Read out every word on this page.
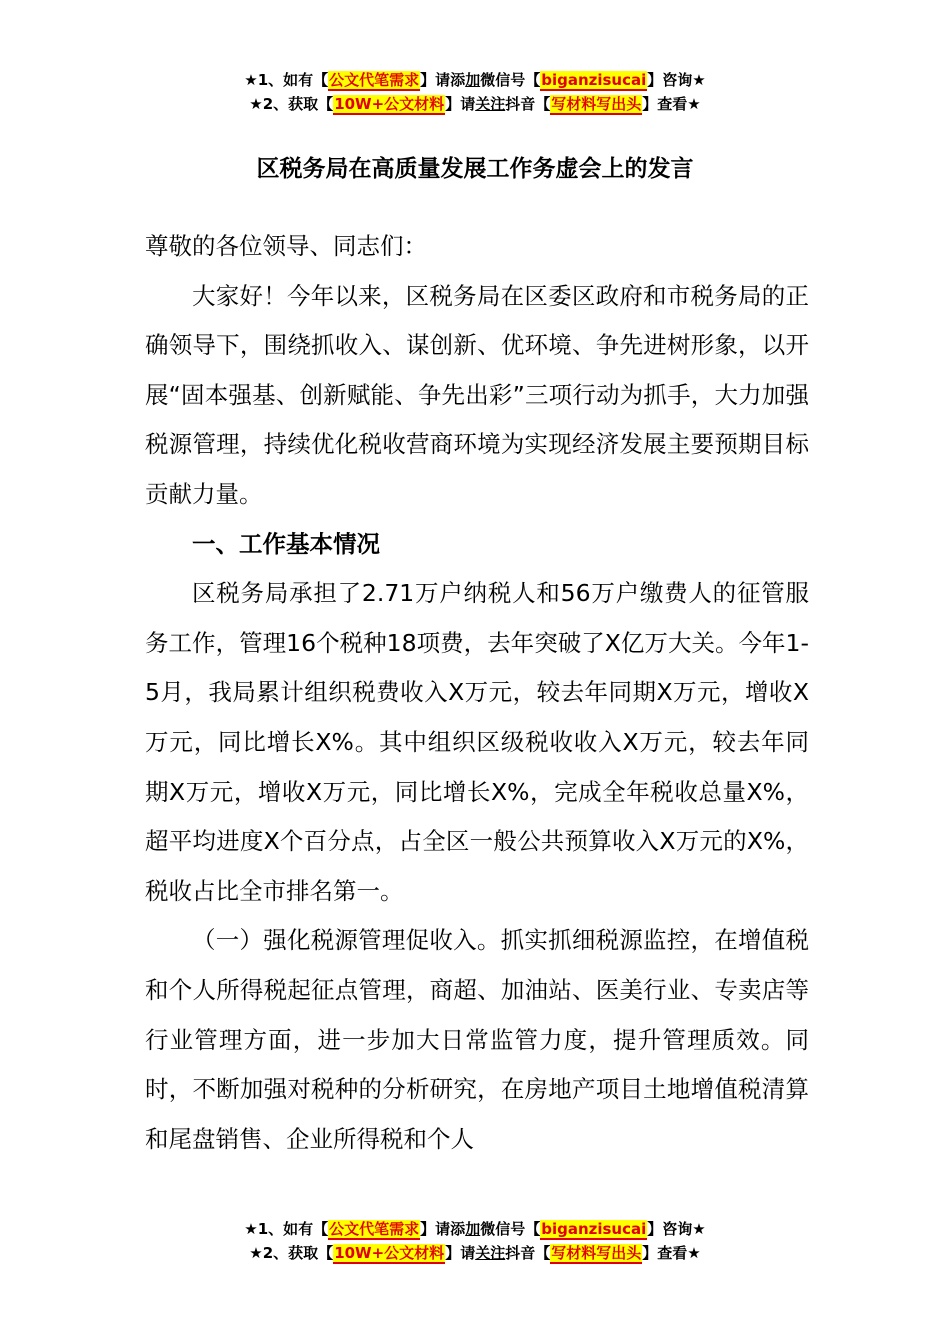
★1、如有【公文代笔需求】请添加微信号【biganzisucai】咨询★
★2、获取【10W+公文材料】请关注抖音【写材料写出头】查看★
区税务局在高质量发展工作务虚会上的发言

尊敬的各位领导、同志们：

大家好！今年以来，区税务局在区委区政府和市税务局的正确领导下，围绕抓收入、谋创新、优环境、争先进树形象，以开展“固本强基、创新赋能、争先出彩”三项行动为抓手，大力加强税源管理，持续优化税收营商环境为实现经济发展主要预期目标贡献力量。

一、工作基本情况

区税务局承担了2.71万户纳税人和56万户缴费人的征管服务工作，管理16个税种18项费，去年突破了X亿万大关。今年1-5月，我局累计组织税费收入X万元，较去年同期X万元，增收X万元，同比增长X%。其中组织区级税收收入X万元，较去年同期X万元，增收X万元，同比增长X%，完成全年税收总量X%，超平均进度X个百分点，占全区一般公共预算收入X万元的X%，税收占比全市排名第一。

（一）强化税源管理促收入。抓实抓细税源监控，在增值税和个人所得税起征点管理，商超、加油站、医美行业、专卖店等行业管理方面，进一步加大日常监管力度，提升管理质效。同时，不断加强对税种的分析研究，在房地产项目土地增值税清算和尾盘销售、企业所得税和个人

★1、如有【公文代笔需求】请添加微信号【biganzisucai】咨询★
★2、获取【10W+公文材料】请关注抖音【写材料写出头】查看★
